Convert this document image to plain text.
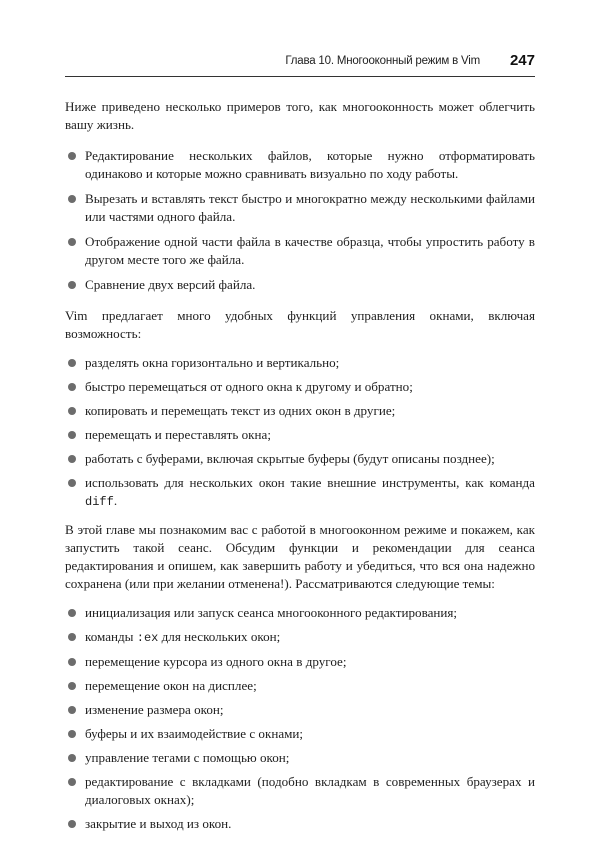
Глава 10. Многооконный режим в Vim 247

Ниже приведено несколько примеров того, как многооконность может облегчить вашу жизнь.

Редактирование нескольких файлов, которые нужно отформатировать одинаково и которые можно сравнивать визуально по ходу работы.
Вырезать и вставлять текст быстро и многократно между несколькими файлами или частями одного файла.
Отображение одной части файла в качестве образца, чтобы упростить работу в другом месте того же файла.
Сравнение двух версий файла.

Vim предлагает много удобных функций управления окнами, включая возможность:

разделять окна горизонтально и вертикально;
быстро перемещаться от одного окна к другому и обратно;
копировать и перемещать текст из одних окон в другие;
перемещать и переставлять окна;
работать с буферами, включая скрытые буферы (будут описаны позднее);
использовать для нескольких окон такие внешние инструменты, как команда diff.

В этой главе мы познакомим вас с работой в многооконном режиме и покажем, как запустить такой сеанс. Обсудим функции и рекомендации для сеанса редактирования и опишем, как завершить работу и убедиться, что вся она надежно сохранена (или при желании отменена!). Рассматриваются следующие темы:

инициализация или запуск сеанса многооконного редактирования;
команды :ex для нескольких окон;
перемещение курсора из одного окна в другое;
перемещение окон на дисплее;
изменение размера окон;
буферы и их взаимодействие с окнами;
управление тегами с помощью окон;
редактирование с вкладками (подобно вкладкам в современных браузерах и диалоговых окнах);
закрытие и выход из окон.
